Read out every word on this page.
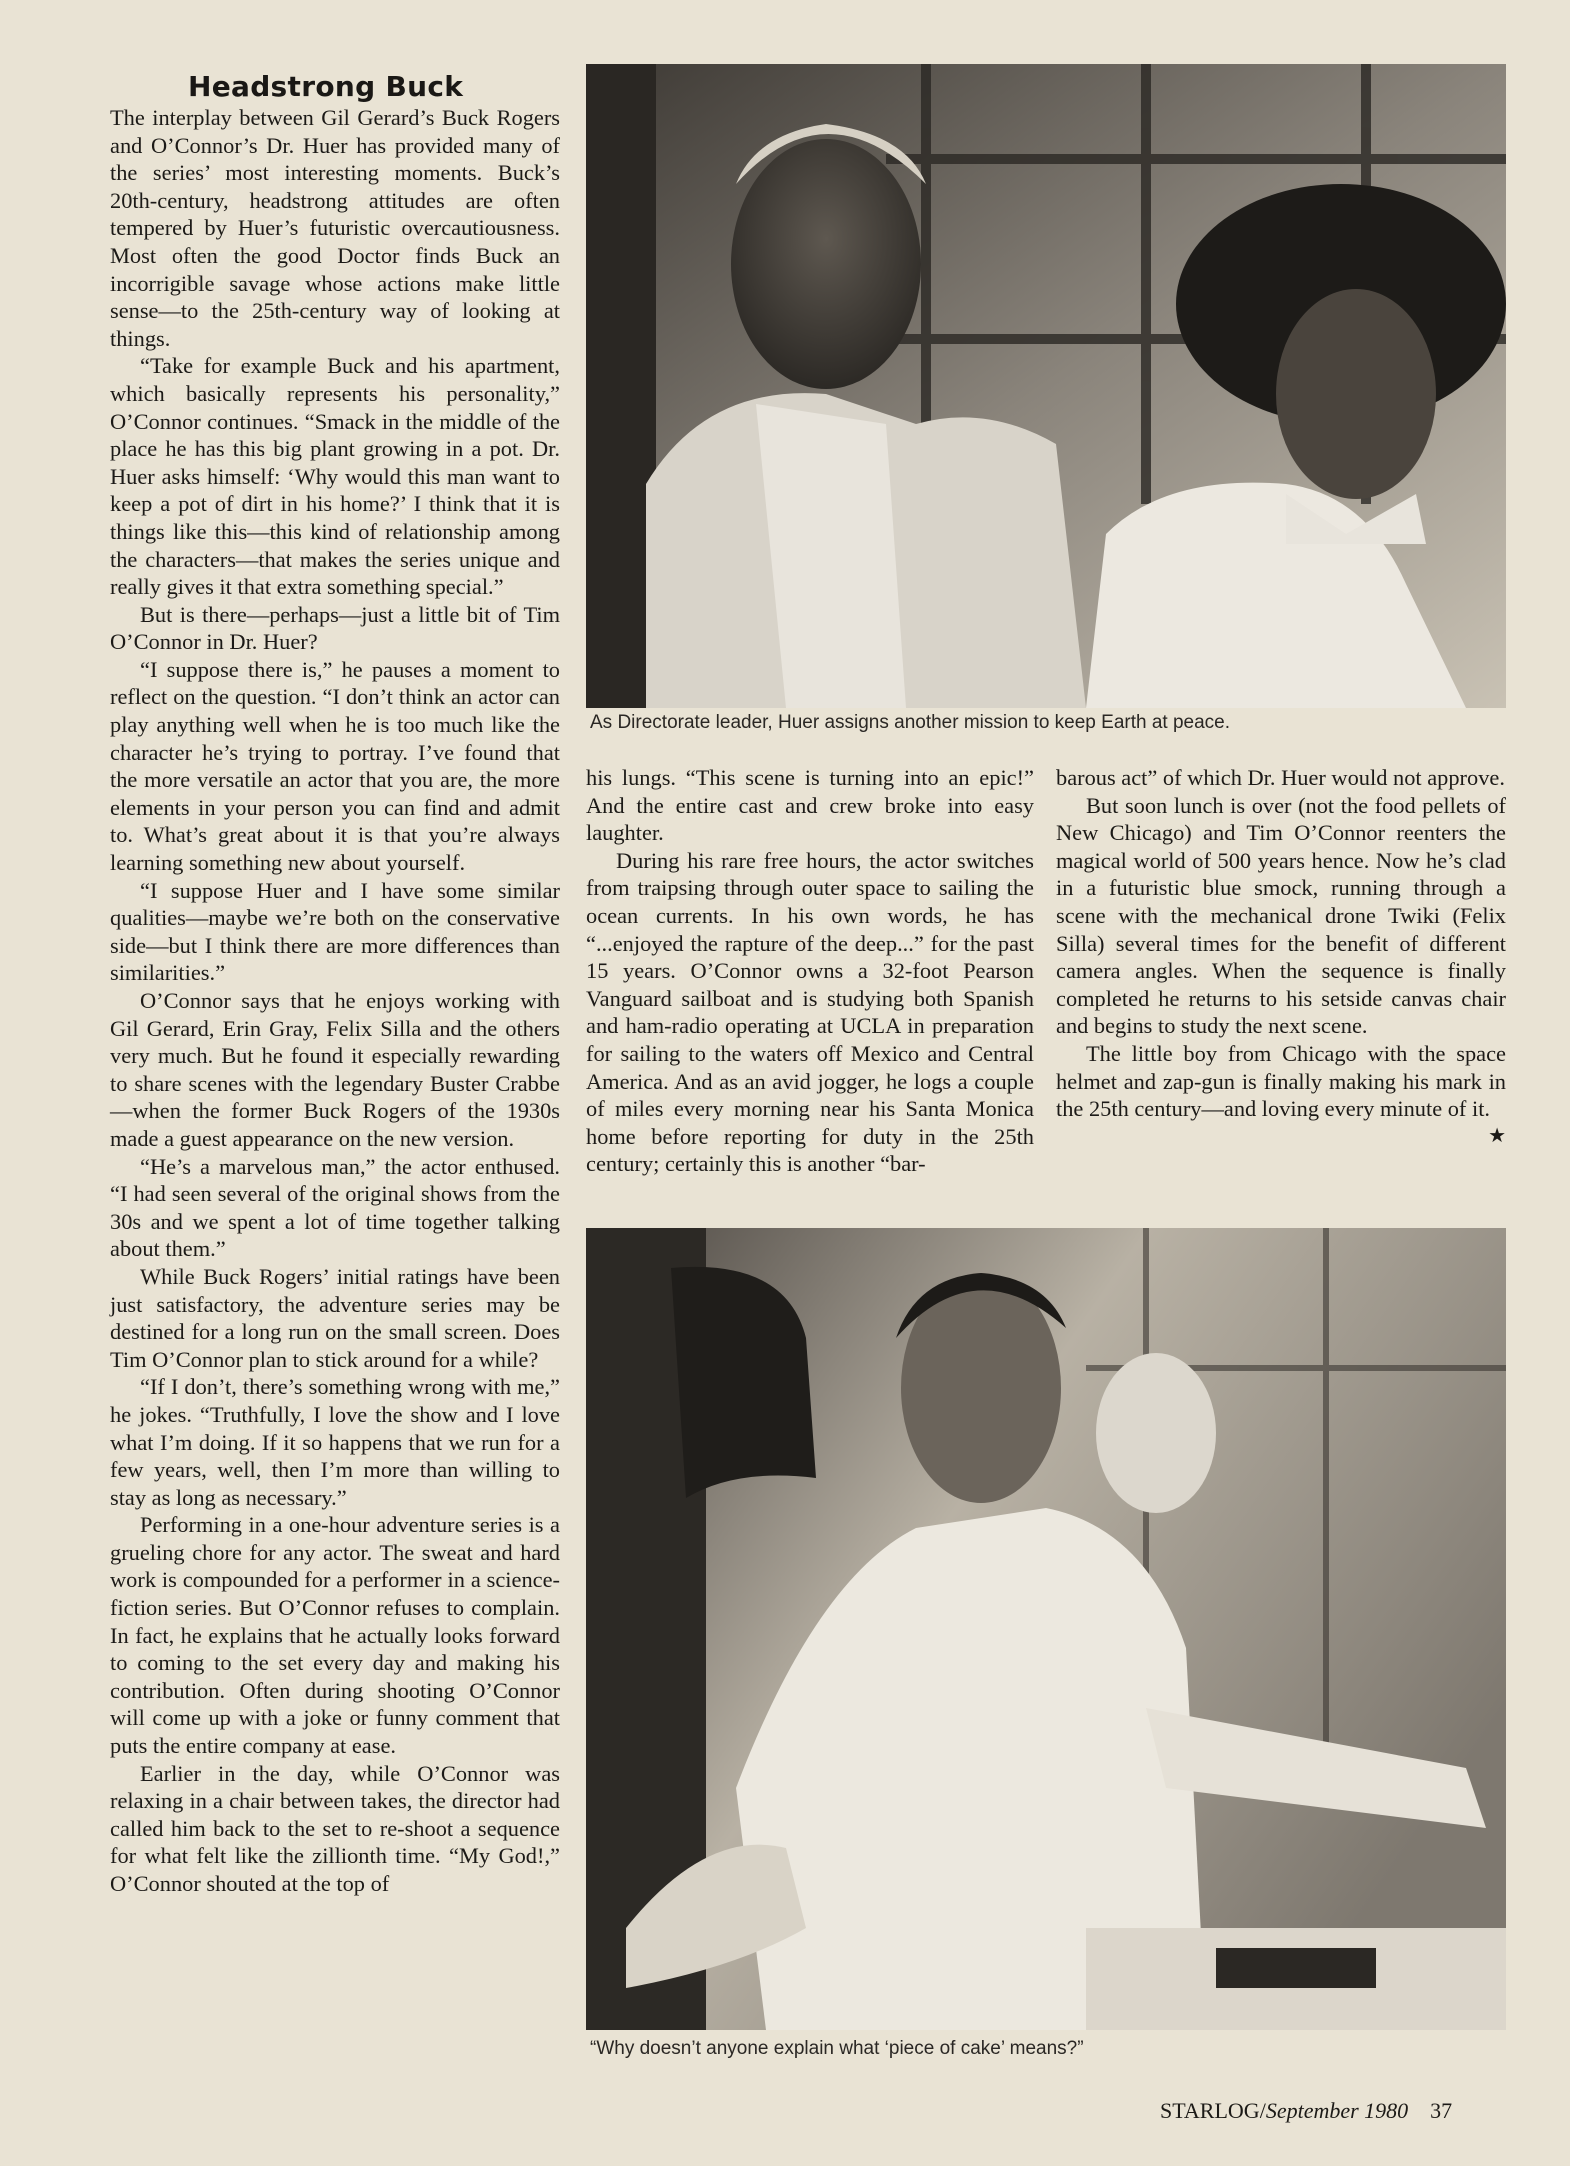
Headstrong Buck

The interplay between Gil Gerard’s Buck Rogers and O’Connor’s Dr. Huer has provided many of the series’ most interesting moments. Buck’s 20th-century, headstrong attitudes are often tempered by Huer’s futuristic overcautiousness. Most often the good Doctor finds Buck an incorrigible savage whose actions make little sense—to the 25th-century way of looking at things.

“Take for example Buck and his apartment, which basically represents his personality,” O’Connor continues. “Smack in the middle of the place he has this big plant growing in a pot. Dr. Huer asks himself: ‘Why would this man want to keep a pot of dirt in his home?’ I think that it is things like this—this kind of relationship among the characters—that makes the series unique and really gives it that extra something special.”

But is there—perhaps—just a little bit of Tim O’Connor in Dr. Huer?

“I suppose there is,” he pauses a moment to reflect on the question. “I don’t think an actor can play anything well when he is too much like the character he’s trying to portray. I’ve found that the more versatile an actor that you are, the more elements in your person you can find and admit to. What’s great about it is that you’re always learning something new about yourself.

“I suppose Huer and I have some similar qualities—maybe we’re both on the conservative side—but I think there are more differences than similarities.”

O’Connor says that he enjoys working with Gil Gerard, Erin Gray, Felix Silla and the others very much. But he found it especially rewarding to share scenes with the legendary Buster Crabbe—when the former Buck Rogers of the 1930s made a guest appearance on the new version.

“He’s a marvelous man,” the actor enthused. “I had seen several of the original shows from the 30s and we spent a lot of time together talking about them.”

While Buck Rogers’ initial ratings have been just satisfactory, the adventure series may be destined for a long run on the small screen. Does Tim O’Connor plan to stick around for a while?

“If I don’t, there’s something wrong with me,” he jokes. “Truthfully, I love the show and I love what I’m doing. If it so happens that we run for a few years, well, then I’m more than willing to stay as long as necessary.”

Performing in a one-hour adventure series is a grueling chore for any actor. The sweat and hard work is compounded for a performer in a science-fiction series. But O’Connor refuses to complain. In fact, he explains that he actually looks forward to coming to the set every day and making his contribution. Often during shooting O’Connor will come up with a joke or funny comment that puts the entire company at ease.

Earlier in the day, while O’Connor was relaxing in a chair between takes, the director had called him back to the set to re-shoot a sequence for what felt like the zillionth time. “My God!,” O’Connor shouted at the top of

As Directorate leader, Huer assigns another mission to keep Earth at peace.

his lungs. “This scene is turning into an epic!” And the entire cast and crew broke into easy laughter.

During his rare free hours, the actor switches from traipsing through outer space to sailing the ocean currents. In his own words, he has “...enjoyed the rapture of the deep...” for the past 15 years. O’Connor owns a 32-foot Pearson Vanguard sailboat and is studying both Spanish and ham-radio operating at UCLA in preparation for sailing to the waters off Mexico and Central America. And as an avid jogger, he logs a couple of miles every morning near his Santa Monica home before reporting for duty in the 25th century; certainly this is another “bar-

barous act” of which Dr. Huer would not approve.

But soon lunch is over (not the food pellets of New Chicago) and Tim O’Connor reenters the magical world of 500 years hence. Now he’s clad in a futuristic blue smock, running through a scene with the mechanical drone Twiki (Felix Silla) several times for the benefit of different camera angles. When the sequence is finally completed he returns to his setside canvas chair and begins to study the next scene.

The little boy from Chicago with the space helmet and zap-gun is finally making his mark in the 25th century—and loving every minute of it.
★

“Why doesn’t anyone explain what ‘piece of cake’ means?”
STARLOG/September 1980 37
